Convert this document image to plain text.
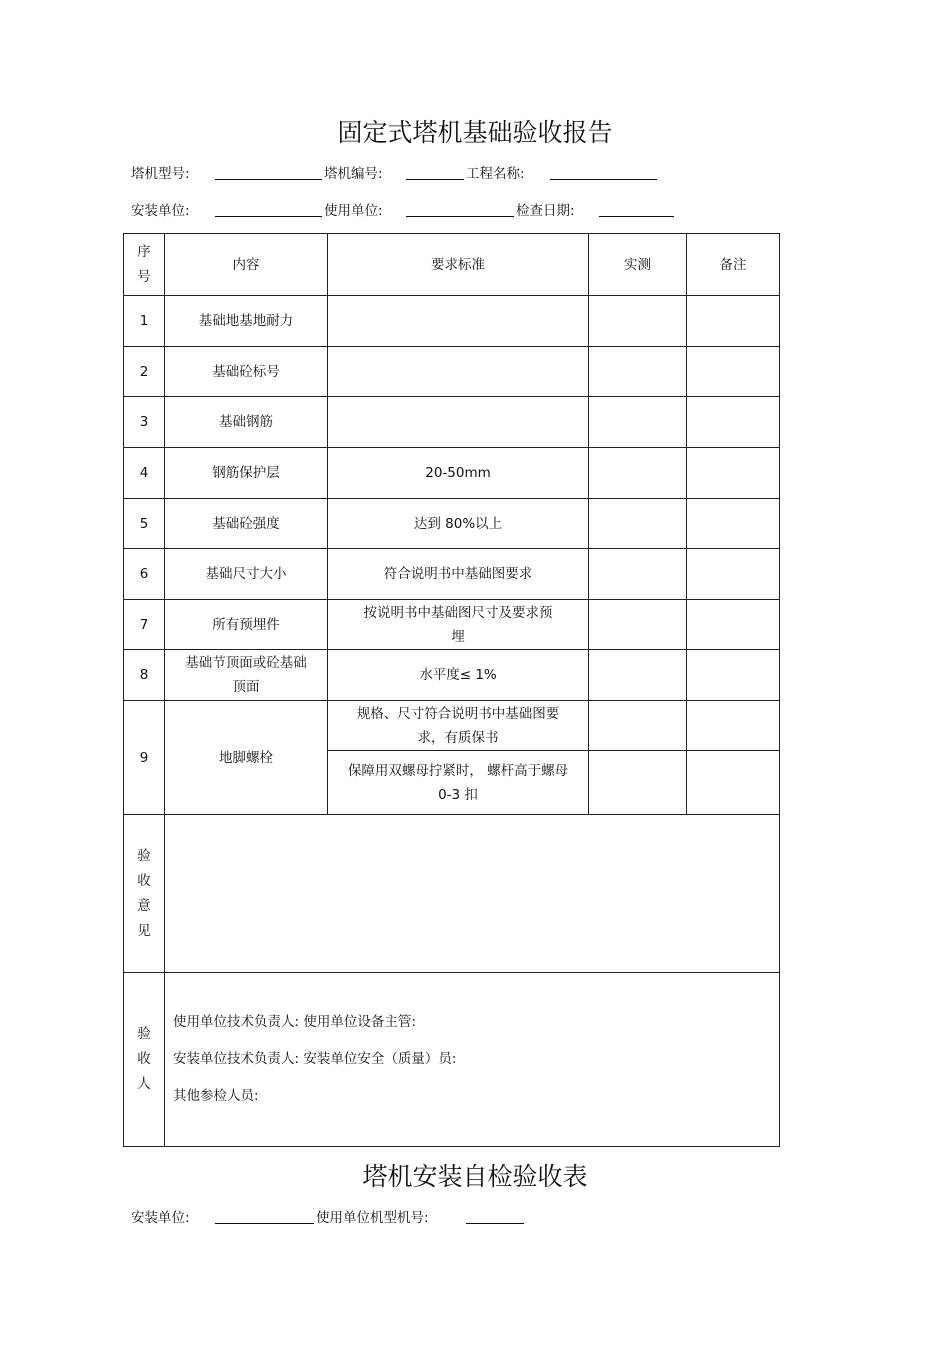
固定式塔机基础验收报告

塔机型号:

	塔机编号:

	工程名称:

安装单位:

	使用单位:

	检查日期:

序号	内容	要求标准	实测	备注
1	基础地基地耐力			
2	基础砼标号			
3	基础钢筋			
4	钢筋保护层	20-50mm		
5	基础砼强度	达到 80%以上		
6	基础尺寸大小	符合说明书中基础图要求		
7	所有预埋件	按说明书中基础图尺寸及要求预埋		
8	基础节顶面或砼基础顶面	水平度≤ 1%		
9	地脚螺栓	规格、尺寸符合说明书中基础图要求，有质保书		
		保障用双螺母拧紧时， 螺杆高于螺母 0-3 扣		
验收意见				
验收人	使用单位技术负责人: 使用单位设备主管:
安装单位技术负责人: 安装单位安全（质量）员:
其他参检人员:			
塔机安装自检验收表

安装单位:

	使用单位机型机号:
